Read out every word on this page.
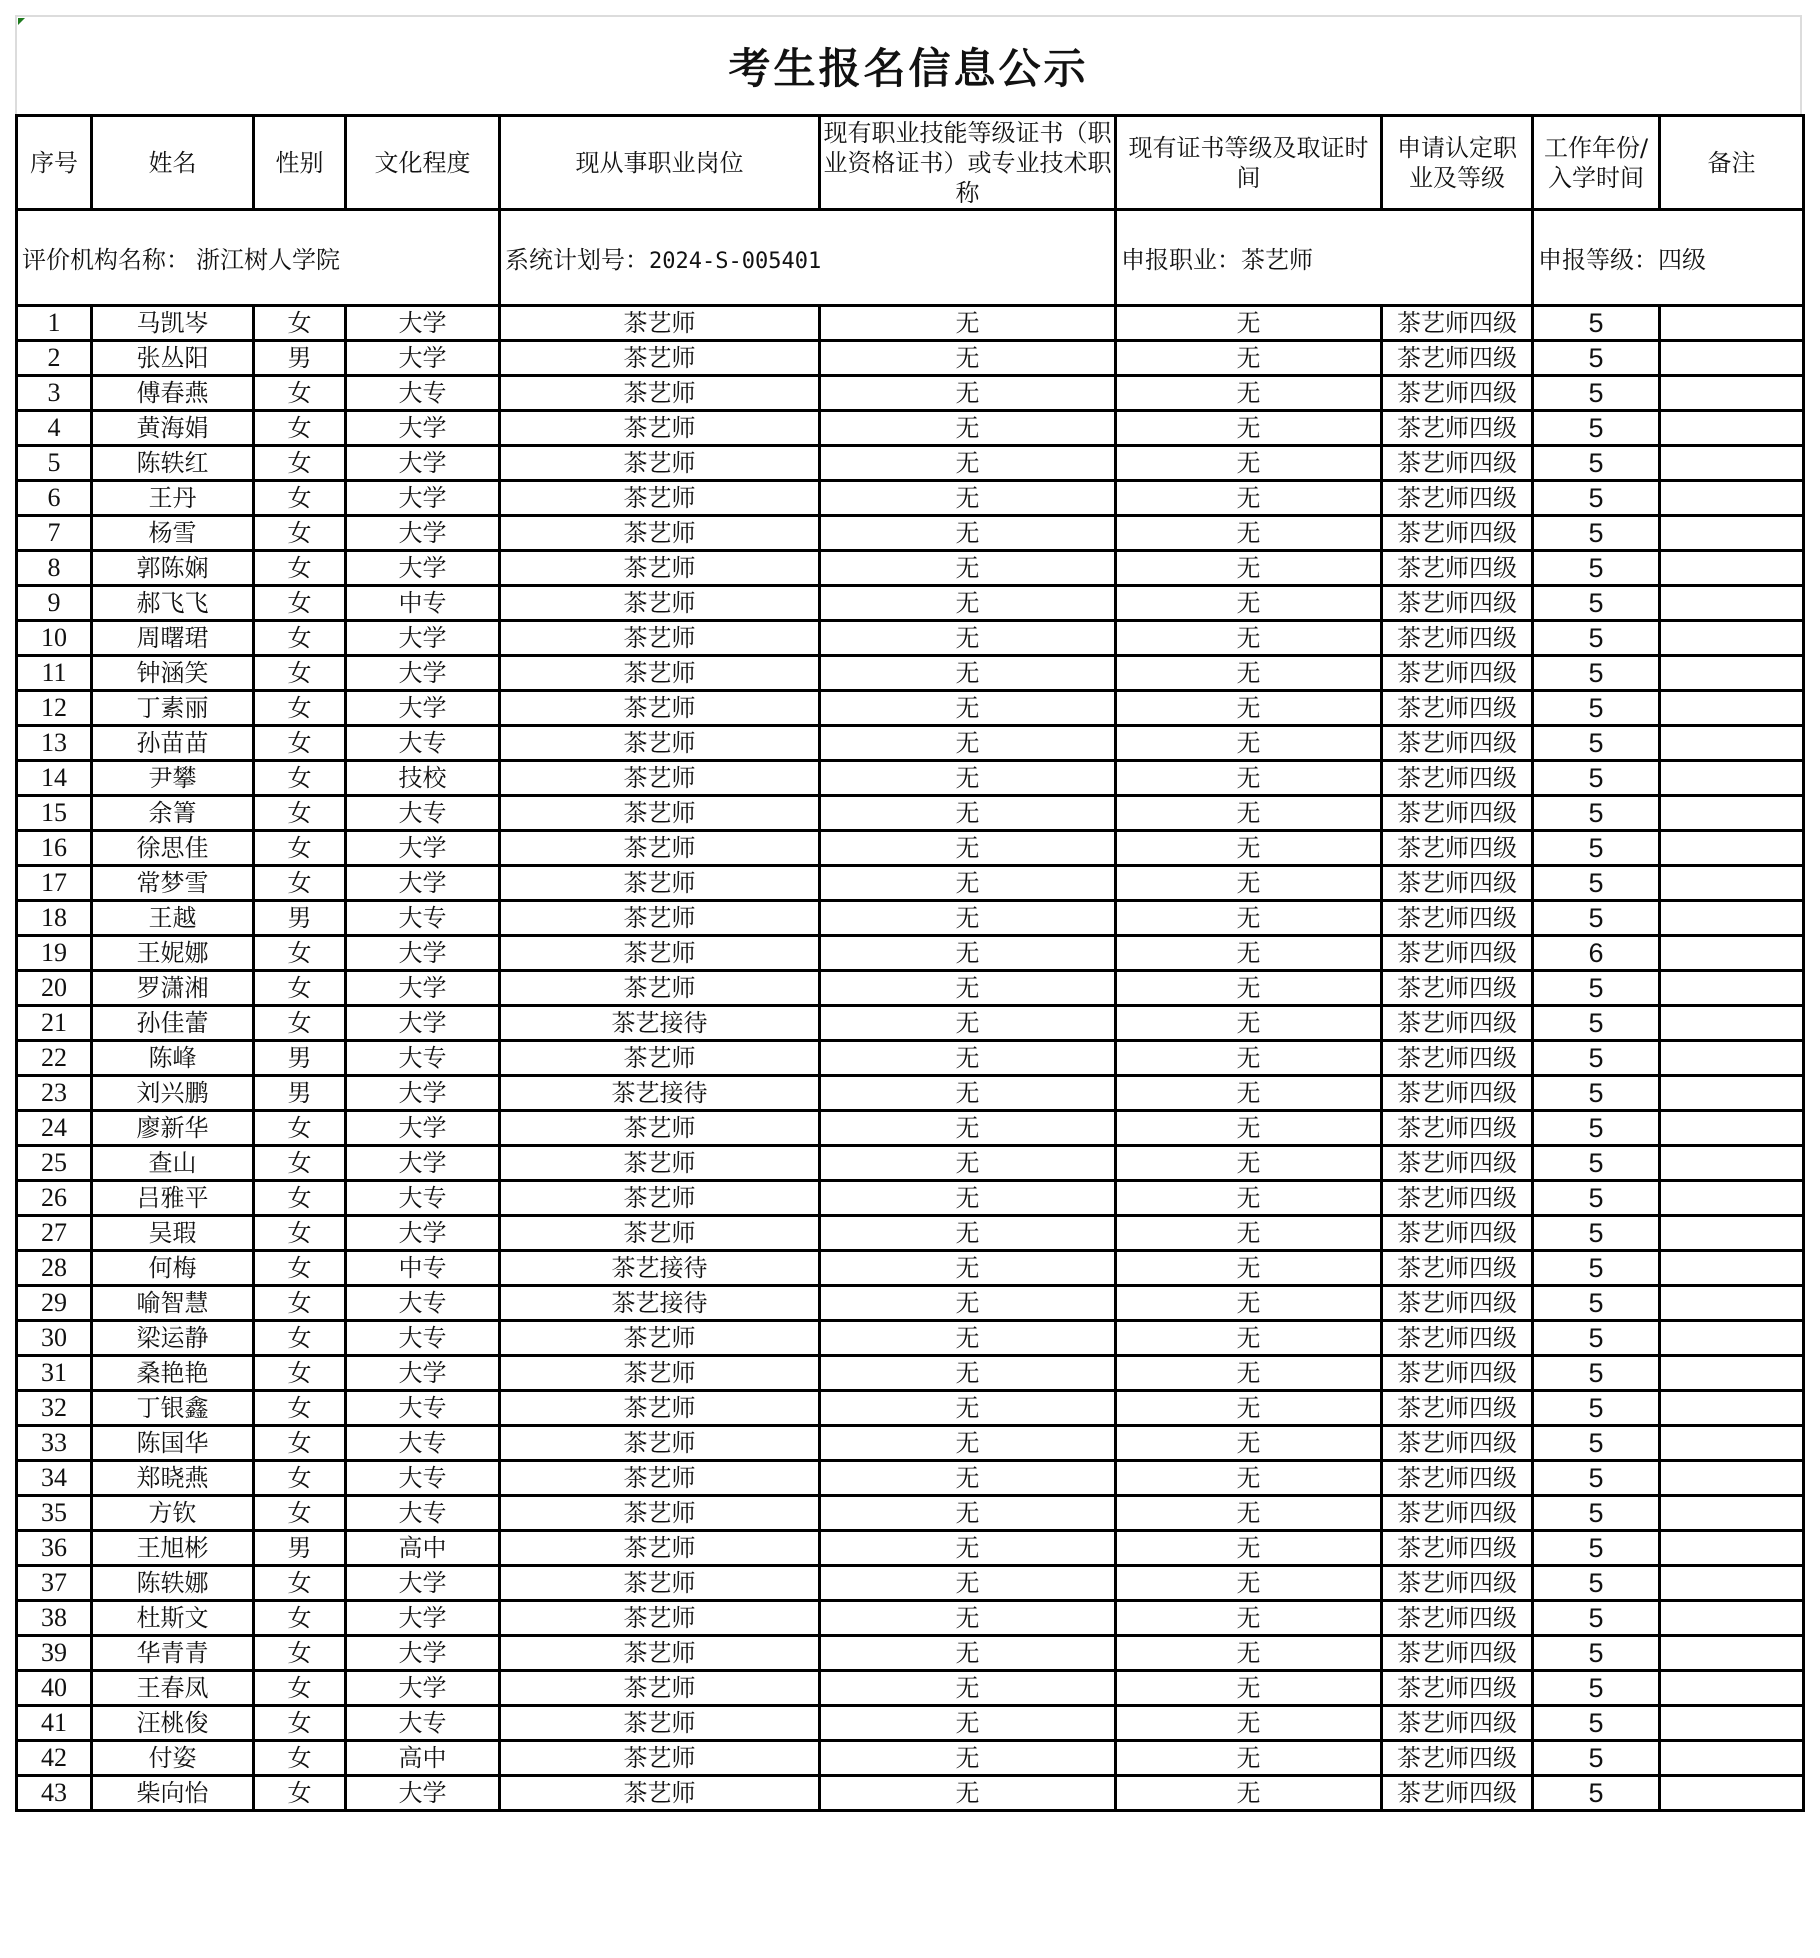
考生报名信息公示
评价机构名称： 浙江树人学院				系统计划号：2024-S-005401		申报职业：茶艺师		申报等级：四级	
序号	姓名	性别	文化程度	现从事职业岗位	现有职业技能等级证书（职业资格证书）或专业技术职称	现有证书等级及取证时间	申请认定职业及等级	工作年份/入学时间	备注
1	马凯岑	女	大学	茶艺师	无	无	茶艺师四级	5	
2	张丛阳	男	大学	茶艺师	无	无	茶艺师四级	5	
3	傅春燕	女	大专	茶艺师	无	无	茶艺师四级	5	
4	黄海娟	女	大学	茶艺师	无	无	茶艺师四级	5	
5	陈轶红	女	大学	茶艺师	无	无	茶艺师四级	5	
6	王丹	女	大学	茶艺师	无	无	茶艺师四级	5	
7	杨雪	女	大学	茶艺师	无	无	茶艺师四级	5	
8	郭陈娴	女	大学	茶艺师	无	无	茶艺师四级	5	
9	郝飞飞	女	中专	茶艺师	无	无	茶艺师四级	5	
10	周曙珺	女	大学	茶艺师	无	无	茶艺师四级	5	
11	钟涵笑	女	大学	茶艺师	无	无	茶艺师四级	5	
12	丁素丽	女	大学	茶艺师	无	无	茶艺师四级	5	
13	孙苗苗	女	大专	茶艺师	无	无	茶艺师四级	5	
14	尹攀	女	技校	茶艺师	无	无	茶艺师四级	5	
15	余箐	女	大专	茶艺师	无	无	茶艺师四级	5	
16	徐思佳	女	大学	茶艺师	无	无	茶艺师四级	5	
17	常梦雪	女	大学	茶艺师	无	无	茶艺师四级	5	
18	王越	男	大专	茶艺师	无	无	茶艺师四级	5	
19	王妮娜	女	大学	茶艺师	无	无	茶艺师四级	6	
20	罗潇湘	女	大学	茶艺师	无	无	茶艺师四级	5	
21	孙佳蕾	女	大学	茶艺接待	无	无	茶艺师四级	5	
22	陈峰	男	大专	茶艺师	无	无	茶艺师四级	5	
23	刘兴鹏	男	大学	茶艺接待	无	无	茶艺师四级	5	
24	廖新华	女	大学	茶艺师	无	无	茶艺师四级	5	
25	查山	女	大学	茶艺师	无	无	茶艺师四级	5	
26	吕雅平	女	大专	茶艺师	无	无	茶艺师四级	5	
27	吴瑕	女	大学	茶艺师	无	无	茶艺师四级	5	
28	何梅	女	中专	茶艺接待	无	无	茶艺师四级	5	
29	喻智慧	女	大专	茶艺接待	无	无	茶艺师四级	5	
30	梁运静	女	大专	茶艺师	无	无	茶艺师四级	5	
31	桑艳艳	女	大学	茶艺师	无	无	茶艺师四级	5	
32	丁银鑫	女	大专	茶艺师	无	无	茶艺师四级	5	
33	陈国华	女	大专	茶艺师	无	无	茶艺师四级	5	
34	郑晓燕	女	大专	茶艺师	无	无	茶艺师四级	5	
35	方钦	女	大专	茶艺师	无	无	茶艺师四级	5	
36	王旭彬	男	高中	茶艺师	无	无	茶艺师四级	5	
37	陈轶娜	女	大学	茶艺师	无	无	茶艺师四级	5	
38	杜斯文	女	大学	茶艺师	无	无	茶艺师四级	5	
39	华青青	女	大学	茶艺师	无	无	茶艺师四级	5	
40	王春凤	女	大学	茶艺师	无	无	茶艺师四级	5	
41	汪桃俊	女	大专	茶艺师	无	无	茶艺师四级	5	
42	付姿	女	高中	茶艺师	无	无	茶艺师四级	5	
43	柴向怡	女	大学	茶艺师	无	无	茶艺师四级	5	
